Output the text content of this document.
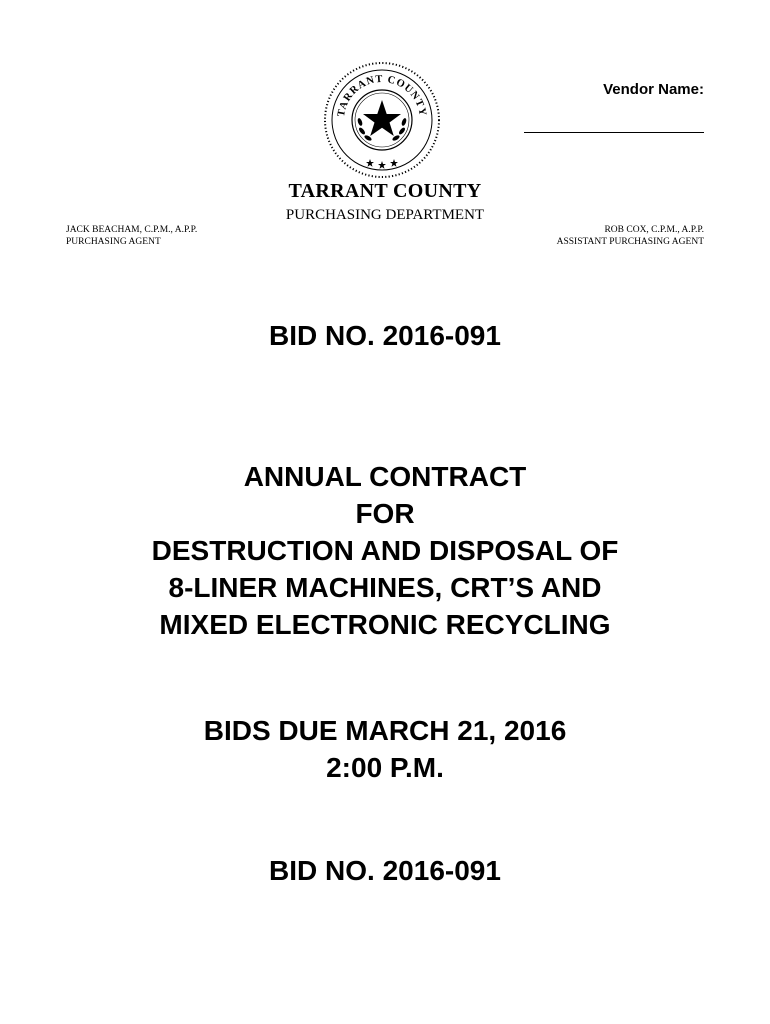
TARRANT COUNTY
Vendor Name:
TARRANT COUNTY
PURCHASING DEPARTMENT
JACK BEACHAM, C.P.M., A.P.P.
PURCHASING AGENT
ROB COX, C.P.M., A.P.P.
ASSISTANT PURCHASING AGENT
BID NO. 2016-091
ANNUAL CONTRACT
FOR
DESTRUCTION AND DISPOSAL OF
8-LINER MACHINES, CRT’S AND
MIXED ELECTRONIC RECYCLING
BIDS DUE MARCH 21, 2016
2:00 P.M.
BID NO. 2016-091
